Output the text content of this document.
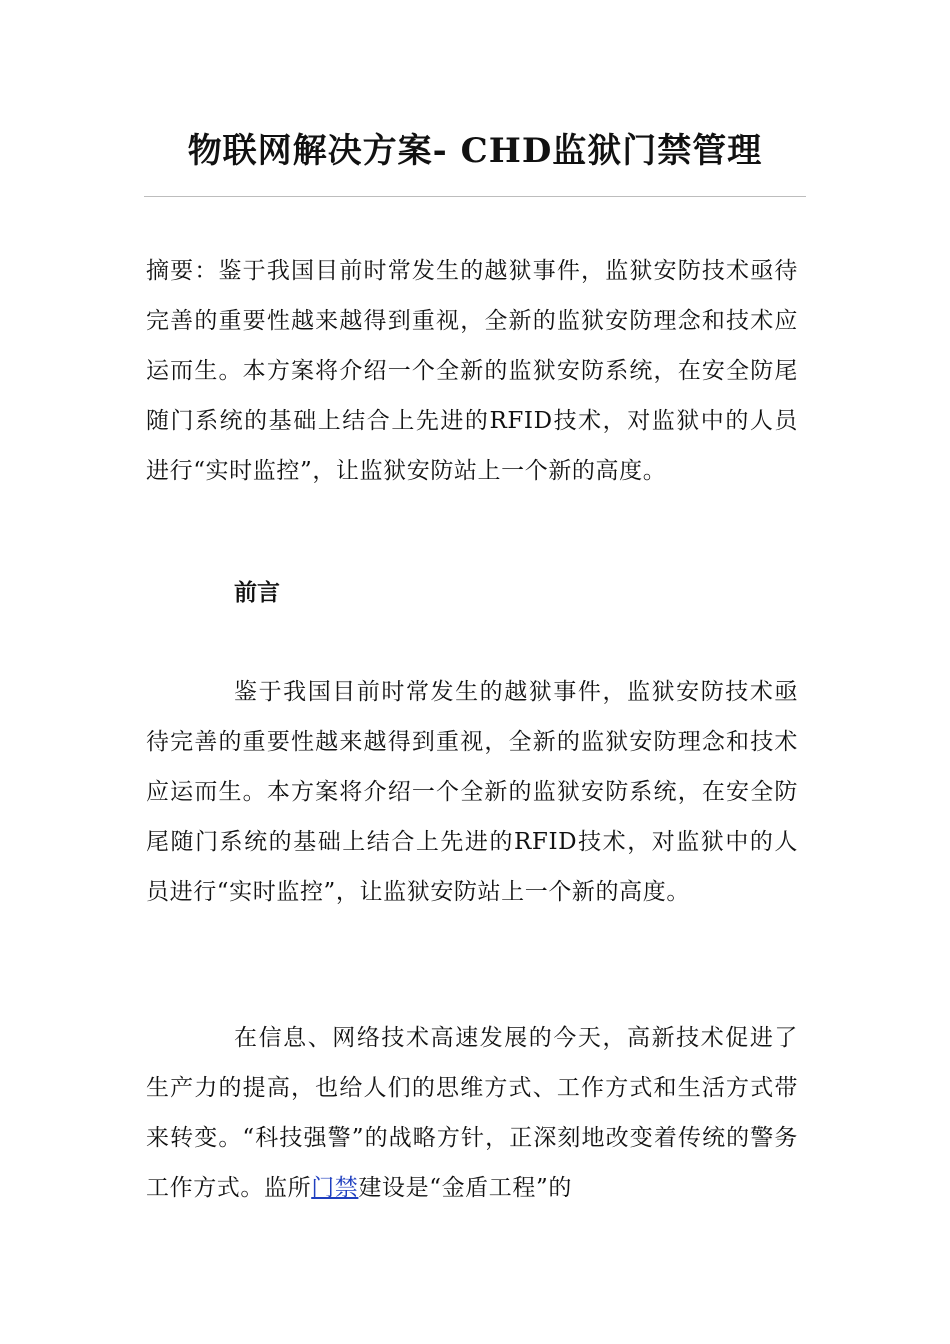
物联网解决方案- CHD监狱门禁管理

摘要：鉴于我国目前时常发生的越狱事件，监狱安防技术亟待完善的重要性越来越得到重视，全新的监狱安防理念和技术应运而生。本方案将介绍一个全新的监狱安防系统，在安全防尾随门系统的基础上结合上先进的RFID技术，对监狱中的人员进行“实时监控”，让监狱安防站上一个新的高度。

前言

鉴于我国目前时常发生的越狱事件，监狱安防技术亟待完善的重要性越来越得到重视，全新的监狱安防理念和技术应运而生。本方案将介绍一个全新的监狱安防系统，在安全防尾随门系统的基础上结合上先进的RFID技术，对监狱中的人员进行“实时监控”，让监狱安防站上一个新的高度。

在信息、网络技术高速发展的今天，高新技术促进了生产力的提高，也给人们的思维方式、工作方式和生活方式带来转变。“科技强警”的战略方针，正深刻地改变着传统的警务工作方式。监所门禁建设是“金盾工程”的
